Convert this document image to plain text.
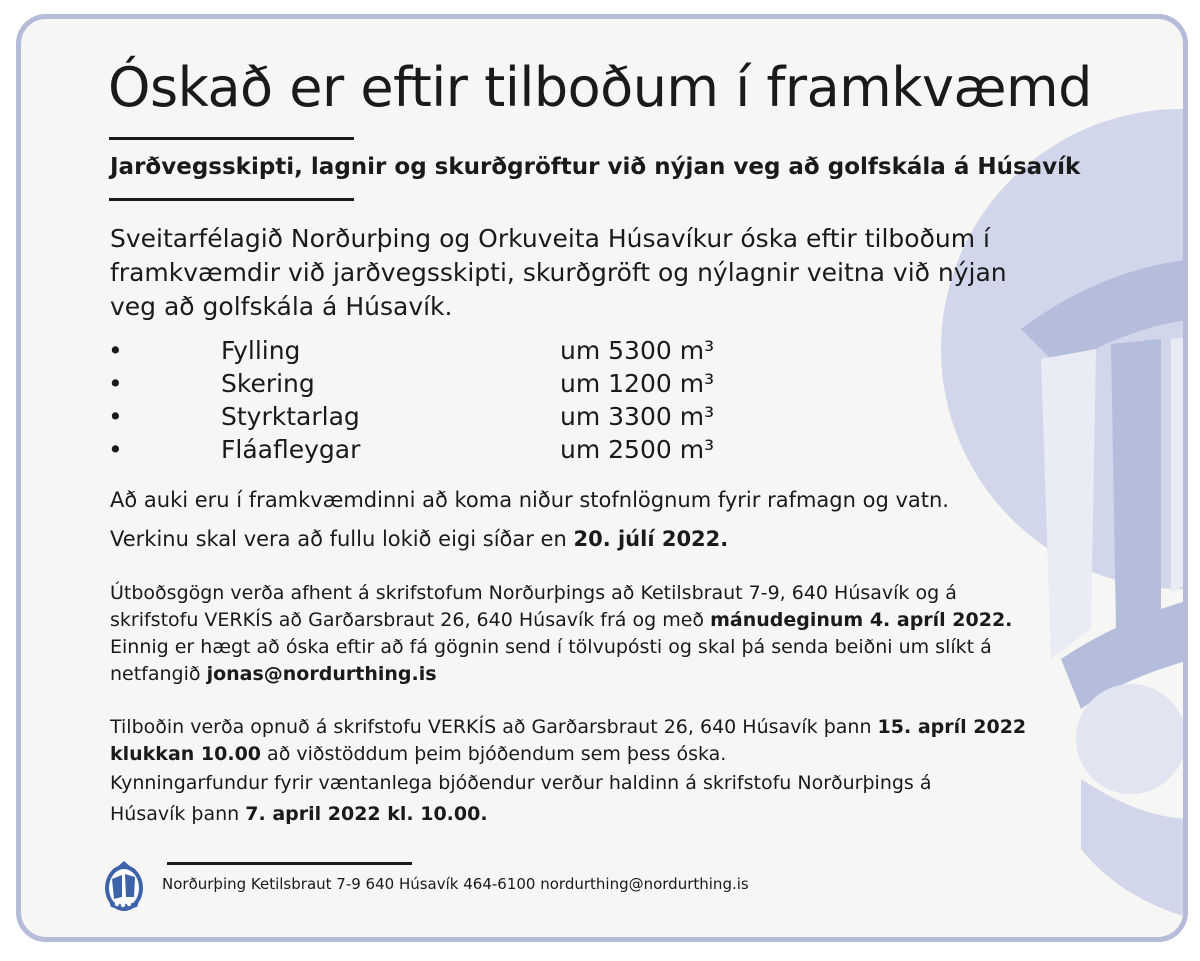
Óskað er eftir tilboðum í framkvæmd
Jarðvegsskipti, lagnir og skurðgröftur við nýjan veg að golfskála á Húsavík
Sveitarfélagið Norðurþing og Orkuveita Húsavíkur óska eftir tilboðum í
framkvæmdir við jarðvegsskipti, skurðgröft og nýlagnir veitna við nýjan
veg að golfskála á Húsavík.
•	Fylling	um 5300 m³
•	Skering	um 1200 m³
•	Styrktarlag	um 3300 m³
•	Fláafleygar	um 2500 m³
Að auki eru í framkvæmdinni að koma niður stofnlögnum fyrir rafmagn og vatn.
Verkinu skal vera að fullu lokið eigi síðar en 20. júlí 2022.
Útboðsgögn verða afhent á skrifstofum Norðurþings að Ketilsbraut 7-9, 640 Húsavík og á
skrifstofu VERKÍS að Garðarsbraut 26, 640 Húsavík frá og með mánudeginum 4. apríl 2022.
Einnig er hægt að óska eftir að fá gögnin send í tölvupósti og skal þá senda beiðni um slíkt á
netfangið jonas@nordurthing.is
Tilboðin verða opnuð á skrifstofu VERKÍS að Garðarsbraut 26, 640 Húsavík þann 15. apríl 2022
klukkan 10.00 að viðstöddum þeim bjóðendum sem þess óska.
Kynningarfundur fyrir væntanlega bjóðendur verður haldinn á skrifstofu Norðurþings á
Húsavík þann 7. april 2022 kl. 10.00.
Norðurþing Ketilsbraut 7-9 640 Húsavík 464-6100 nordurthing@nordurthing.is
